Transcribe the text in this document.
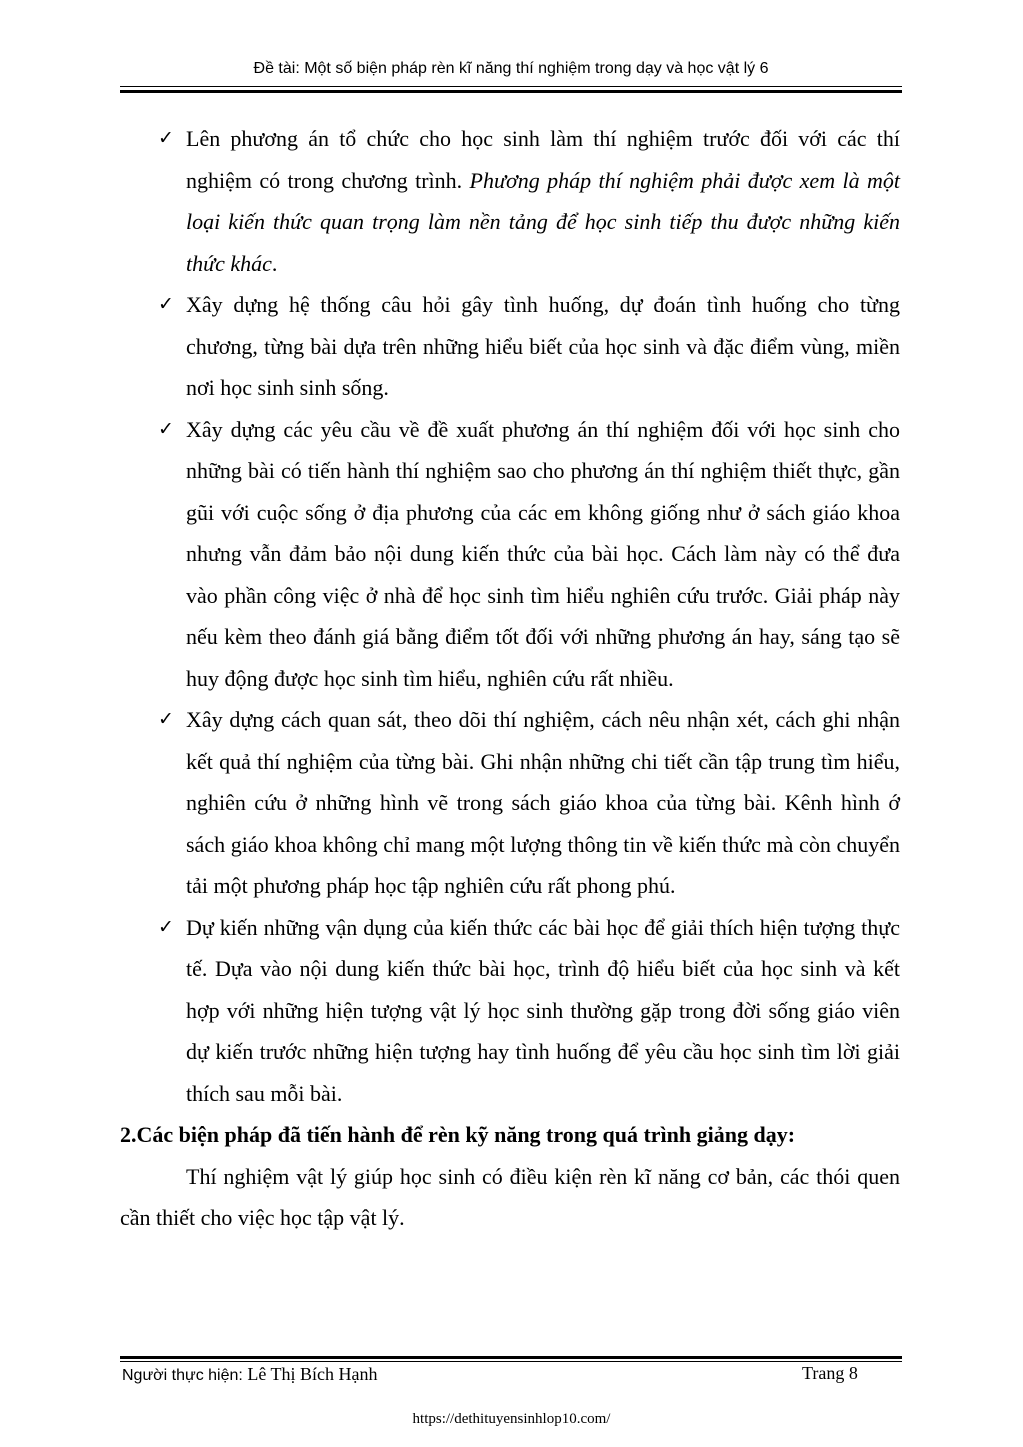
Đề tài: Một số biện pháp rèn kĩ năng thí nghiệm trong dạy và học vật lý 6
✓ Lên phương án tổ chức cho học sinh làm thí nghiệm trước đối với các thí nghiệm có trong chương trình. Phương pháp thí nghiệm phải được xem là một loại kiến thức quan trọng làm nền tảng để học sinh tiếp thu được những kiến thức khác.
✓ Xây dựng hệ thống câu hỏi gây tình huống, dự đoán tình huống cho từng chương, từng bài dựa trên những hiểu biết của học sinh và đặc điểm vùng, miền nơi học sinh sinh sống.
✓ Xây dựng các yêu cầu về đề xuất phương án thí nghiệm đối với học sinh cho những bài có tiến hành thí nghiệm sao cho phương án thí nghiệm thiết thực, gần gũi với cuộc sống ở địa phương của các em không giống như ở sách giáo khoa nhưng vẫn đảm bảo nội dung kiến thức của bài học. Cách làm này có thể đưa vào phần công việc ở nhà để học sinh tìm hiểu nghiên cứu trước. Giải pháp này nếu kèm theo đánh giá bằng điểm tốt đối với những phương án hay, sáng tạo sẽ huy động được học sinh tìm hiểu, nghiên cứu rất nhiều.
✓ Xây dựng cách quan sát, theo dõi thí nghiệm, cách nêu nhận xét, cách ghi nhận kết quả thí nghiệm của từng bài. Ghi nhận những chi tiết cần tập trung tìm hiểu, nghiên cứu ở những hình vẽ trong sách giáo khoa của từng bài. Kênh hình ớ sách giáo khoa không chỉ mang một lượng thông tin về kiến thức mà còn chuyển tải một phương pháp học tập nghiên cứu rất phong phú.
✓ Dự kiến những vận dụng của kiến thức các bài học để giải thích hiện tượng thực tế. Dựa vào nội dung kiến thức bài học, trình độ hiểu biết của học sinh và kết hợp với những hiện tượng vật lý học sinh thường gặp trong đời sống giáo viên dự kiến trước những hiện tượng hay tình huống để yêu cầu học sinh tìm lời giải thích sau mỗi bài.
2.Các biện pháp đã tiến hành để rèn kỹ năng trong quá trình giảng dạy:
Thí nghiệm vật lý giúp học sinh có điều kiện rèn kĩ năng cơ bản, các thói quen cần thiết cho việc học tập vật lý.
Người thực hiện: Lê Thị Bích Hạnh	Trang 8
https://dethituyensinhlop10.com/
